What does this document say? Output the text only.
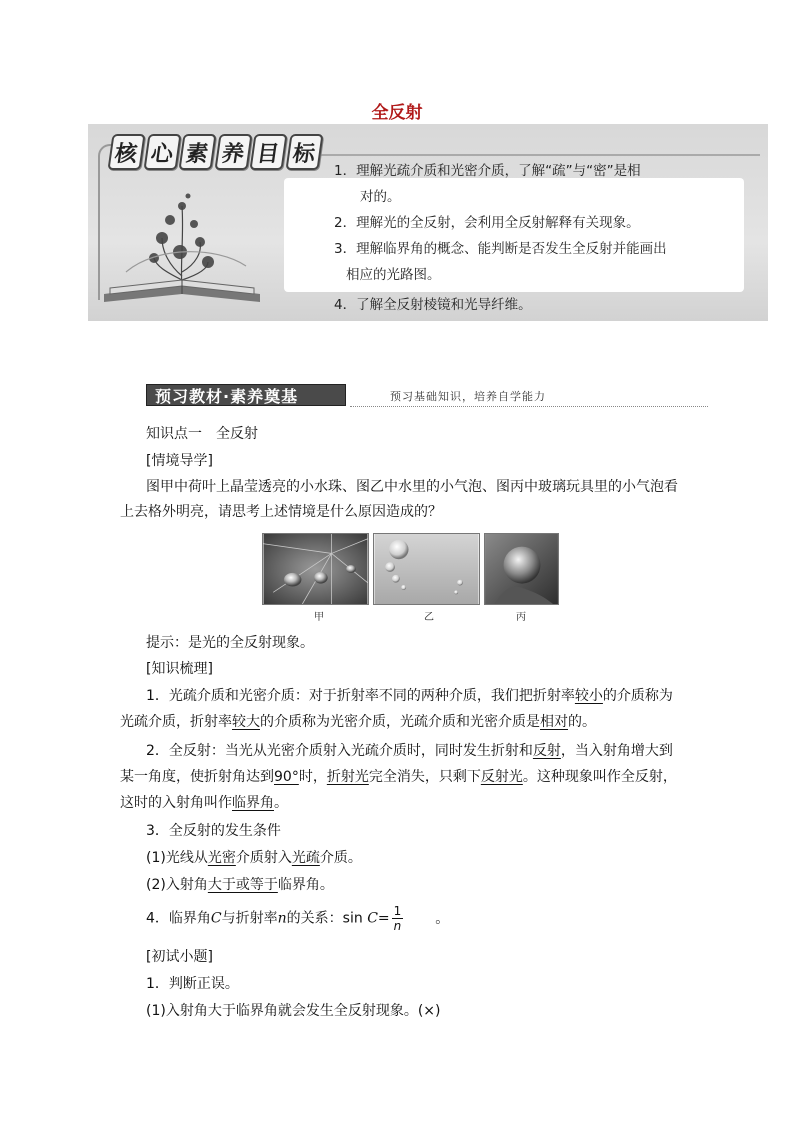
全反射
核 心 素 养 目 标
1．理解光疏介质和光密介质，了解“疏”与“密”是相
对的。
2．理解光的全反射，会利用全反射解释有关现象。
3．理解临界角的概念、能判断是否发生全反射并能画出
相应的光路图。
4．了解全反射棱镜和光导纤维。
预习教材·素养奠基	预习基础知识，培养自学能力
知识点一　全反射
[情境导学]
图甲中荷叶上晶莹透亮的小水珠、图乙中水里的小气泡、图丙中玻璃玩具里的小气泡看
上去格外明亮，请思考上述情境是什么原因造成的？
甲	乙	丙
提示：是光的全反射现象。
[知识梳理]
1．光疏介质和光密介质：对于折射率不同的两种介质，我们把折射率较小的介质称为
光疏介质，折射率较大的介质称为光密介质，光疏介质和光密介质是相对的。
2．全反射：当光从光密介质射入光疏介质时，同时发生折射和反射，当入射角增大到
某一角度，使折射角达到90°时，折射光完全消失，只剩下反射光。这种现象叫作全反射，
这时的入射角叫作临界角。
3．全反射的发生条件
(1)光线从光密介质射入光疏介质。
(2)入射角大于或等于临界角。
4．临界角C与折射率n的关系：$\sin C= \frac{1}{n}$ 。
[初试小题]
1．判断正误。
(1)入射角大于临界角就会发生全反射现象。(×)
